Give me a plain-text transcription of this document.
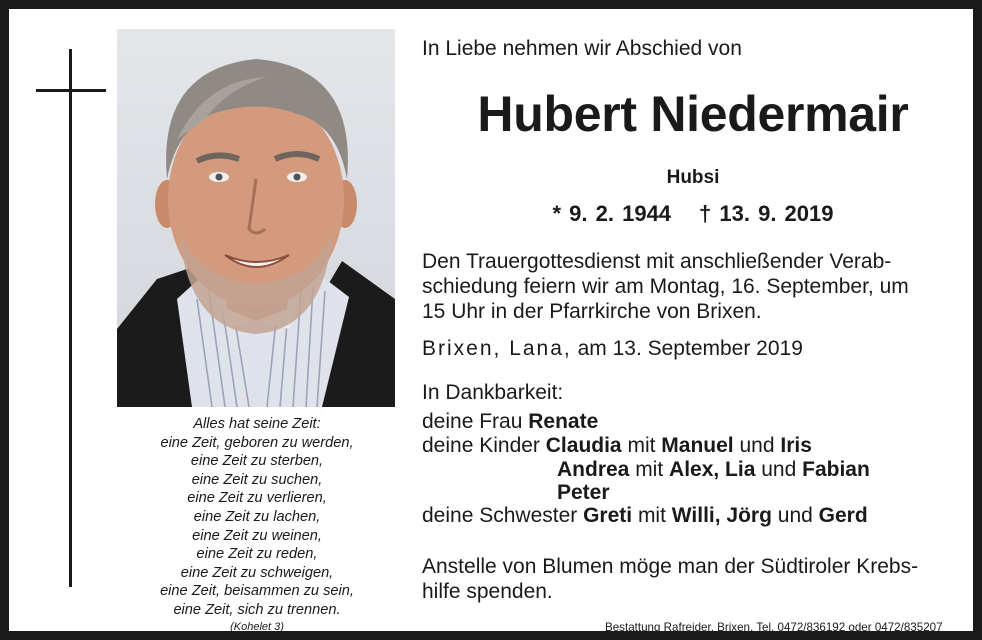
Alles hat seine Zeit:
eine Zeit, geboren zu werden,
eine Zeit zu sterben,
eine Zeit zu suchen,
eine Zeit zu verlieren,
eine Zeit zu lachen,
eine Zeit zu weinen,
eine Zeit zu reden,
eine Zeit zu schweigen,
eine Zeit, beisammen zu sein,
eine Zeit, sich zu trennen.
(Kohelet 3)
In Liebe nehmen wir Abschied von
Hubert Niedermair
Hubsi
* 9. 2. 1944 † 13. 9. 2019
Den Trauergottesdienst mit anschließender Verab-
schiedung feiern wir am Montag, 16. September, um
15 Uhr in der Pfarrkirche von Brixen.
Brixen, Lana, am 13. September 2019
In Dankbarkeit:
deine Frau Renate
deine Kinder Claudia mit Manuel und Iris
Andrea mit Alex, Lia und Fabian
Peter
deine Schwester Greti mit Willi, Jörg und Gerd
Anstelle von Blumen möge man der Südtiroler Krebs-
hilfe spenden.
Bestattung Rafreider, Brixen, Tel. 0472/836192 oder 0472/835207
